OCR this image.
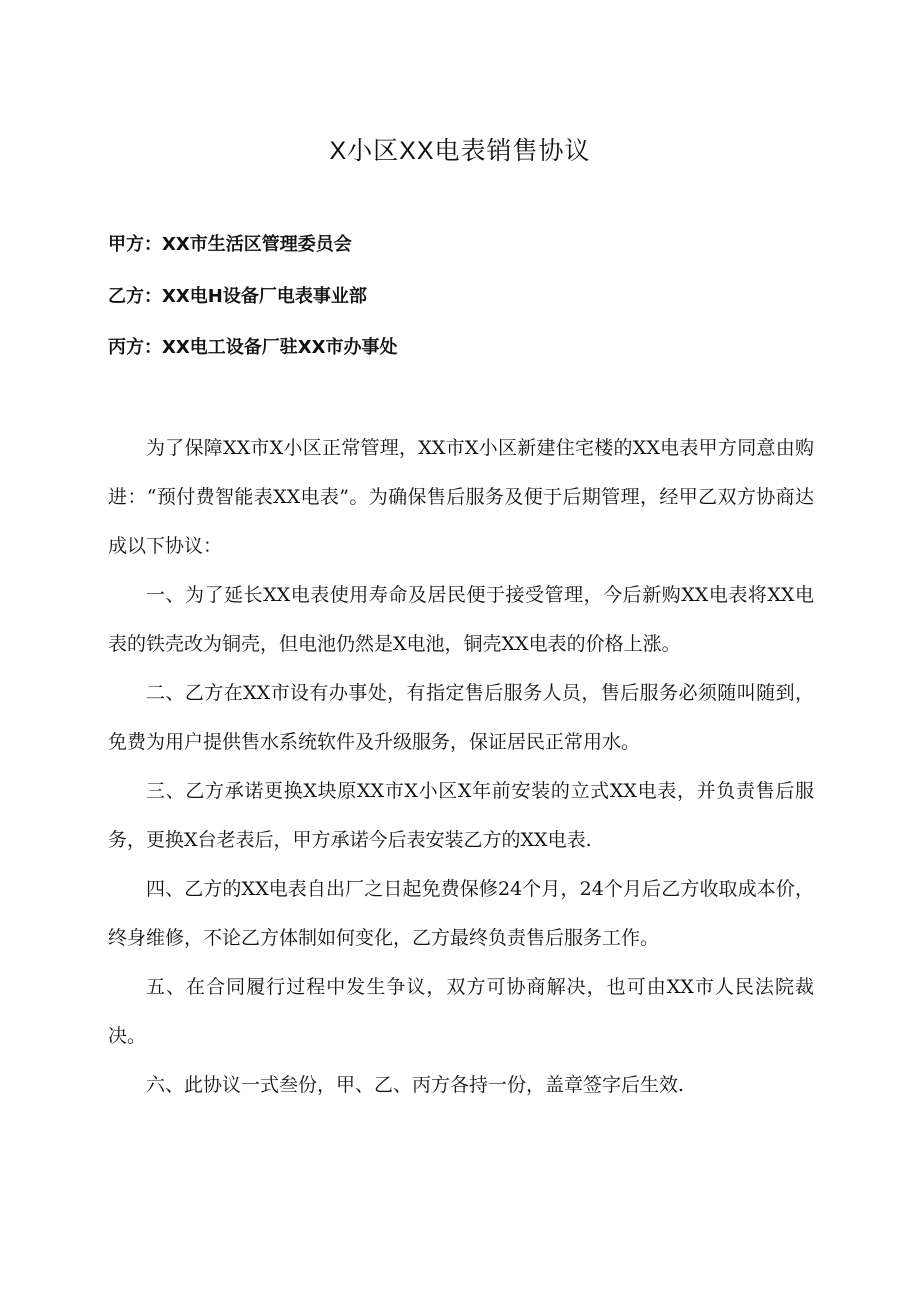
X小区XX电表销售协议
甲方：XX市生活区管理委员会
乙方：XX电H设备厂电表事业部
丙方：XX电工设备厂驻XX市办事处

为了保障XX市X小区正常管理，XX市X小区新建住宅楼的XX电表甲方同意由购进：“预付费智能表XX电表”。为确保售后服务及便于后期管理，经甲乙双方协商达成以下协议：

一、为了延长XX电表使用寿命及居民便于接受管理，今后新购XX电表将XX电表的铁壳改为铜壳，但电池仍然是X电池，铜壳XX电表的价格上涨。

二、乙方在XX市设有办事处，有指定售后服务人员，售后服务必须随叫随到，免费为用户提供售水系统软件及升级服务，保证居民正常用水。

三、乙方承诺更换X块原XX市X小区X年前安装的立式XX电表，并负责售后服务，更换X台老表后，甲方承诺今后表安装乙方的XX电表.

四、乙方的XX电表自出厂之日起免费保修24个月，24个月后乙方收取成本价，终身维修，不论乙方体制如何变化，乙方最终负责售后服务工作。

五、在合同履行过程中发生争议，双方可协商解决，也可由XX市人民法院裁决。

六、此协议一式叁份，甲、乙、丙方各持一份，盖章签字后生效.
